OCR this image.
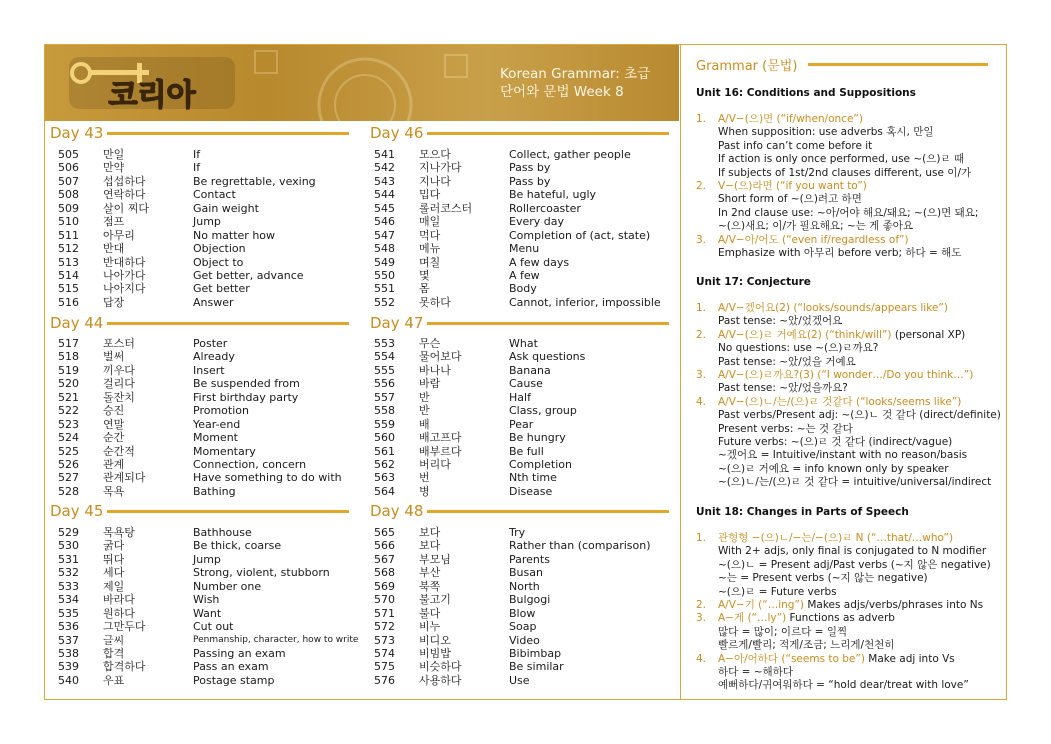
코리아
Korean Grammar: 초급
단어와 문법 Week 8
Day 43
505	만일	If
506	만약	If
507	섭섭하다	Be regrettable, vexing
508	연락하다	Contact
509	살이 찌다	Gain weight
510	점프	Jump
511	아무리	No matter how
512	반대	Objection
513	반대하다	Object to
514	나아가다	Get better, advance
515	나아지다	Get better
516	답장	Answer
Day 44
517	포스터	Poster
518	벌써	Already
519	끼우다	Insert
520	걸리다	Be suspended from
521	돌잔치	First birthday party
522	승진	Promotion
523	연말	Year-end
524	순간	Moment
525	순간적	Momentary
526	관계	Connection, concern
527	관계되다	Have something to do with
528	목욕	Bathing
Day 45
529	목욕탕	Bathhouse
530	굵다	Be thick, coarse
531	뛰다	Jump
532	세다	Strong, violent, stubborn
533	제일	Number one
534	바라다	Wish
535	원하다	Want
536	그만두다	Cut out
537	글씨	Penmanship, character, how to write
538	합격	Passing an exam
539	합격하다	Pass an exam
540	우표	Postage stamp
Day 46
541	모으다	Collect, gather people
542	지나가다	Pass by
543	지나다	Pass by
544	밉다	Be hateful, ugly
545	롤러코스터	Rollercoaster
546	매일	Every day
547	먹다	Completion of (act, state)
548	메뉴	Menu
549	며칠	A few days
550	몇	A few
551	몸	Body
552	못하다	Cannot, inferior, impossible
Day 47
553	무슨	What
554	물어보다	Ask questions
555	바나나	Banana
556	바람	Cause
557	반	Half
558	반	Class, group
559	배	Pear
560	배고프다	Be hungry
561	배부르다	Be full
562	버리다	Completion
563	번	Nth time
564	병	Disease
Day 48
565	보다	Try
566	보다	Rather than (comparison)
567	부모님	Parents
568	부산	Busan
569	북쪽	North
570	불고기	Bulgogi
571	불다	Blow
572	비누	Soap
573	비디오	Video
574	비빔밥	Bibimbap
575	비슷하다	Be similar
576	사용하다	Use
Grammar (문법)
Unit 16: Conditions and Suppositions
1.	A/V−(으)면 (“if/when/once”)
When supposition: use adverbs 혹시, 만일
Past info can’t come before it
If action is only once performed, use ~(으)ㄹ 때
If subjects of 1st/2nd clauses different, use 이/가
2.	V−(으)라면 (“if you want to”)
Short form of ~(으)려고 하면
In 2nd clause use: ~아/어야 해요/돼요; ~(으)면 돼요;
~(으)새요; 이/가 필요해요; ~는 게 좋아요
3.	A/V−아/어도 (“even if/regardless of”)
Emphasize with 아무리 before verb; 하다 = 해도
Unit 17: Conjecture
1.	A/V−겠어요(2) (“looks/sounds/appears like”)
Past tense: ~았/었겠어요
2.	A/V−(으)ㄹ 거예요(2) (“think/will”) (personal XP)
No questions: use ~(으)ㄹ까요?
Past tense: ~았/었을 거예요
3.	A/V−(으)ㄹ까요?(3) (“I wonder…/Do you think…”)
Past tense: ~았/었을까요?
4.	A/V−(으)ㄴ/는/(으)ㄹ 것같다 (“looks/seems like”)
Past verbs/Present adj: ~(으)ㄴ 것 같다 (direct/definite)
Present verbs: ~는 것 같다
Future verbs: ~(으)ㄹ 것 같다 (indirect/vague)
~겠어요 = Intuitive/instant with no reason/basis
~(으)ㄹ 거예요 = info known only by speaker
~(으)ㄴ/는/(으)ㄹ 것 같다 = intuitive/universal/indirect
Unit 18: Changes in Parts of Speech
1.	관형형 −(으)ㄴ/−는/−(으)ㄹ N (“…that/…who”)
With 2+ adjs, only final is conjugated to N modifier
~(으)ㄴ = Present adj/Past verbs (~지 않은 negative)
~는 = Present verbs (~지 않는 negative)
~(으)ㄹ = Future verbs
2.	A/V−기 (“…ing”) Makes adjs/verbs/phrases into Ns
3.	A−게 (“…ly”) Functions as adverb
많다 = 많이; 이르다 = 일찍
빨르게/빨리; 적게/조금; 느리게/천천히
4.	A−아/어하다 (“seems to be”) Make adj into Vs
하다 = ~해하다
예뻐하다/귀여워하다 = “hold dear/treat with love”
